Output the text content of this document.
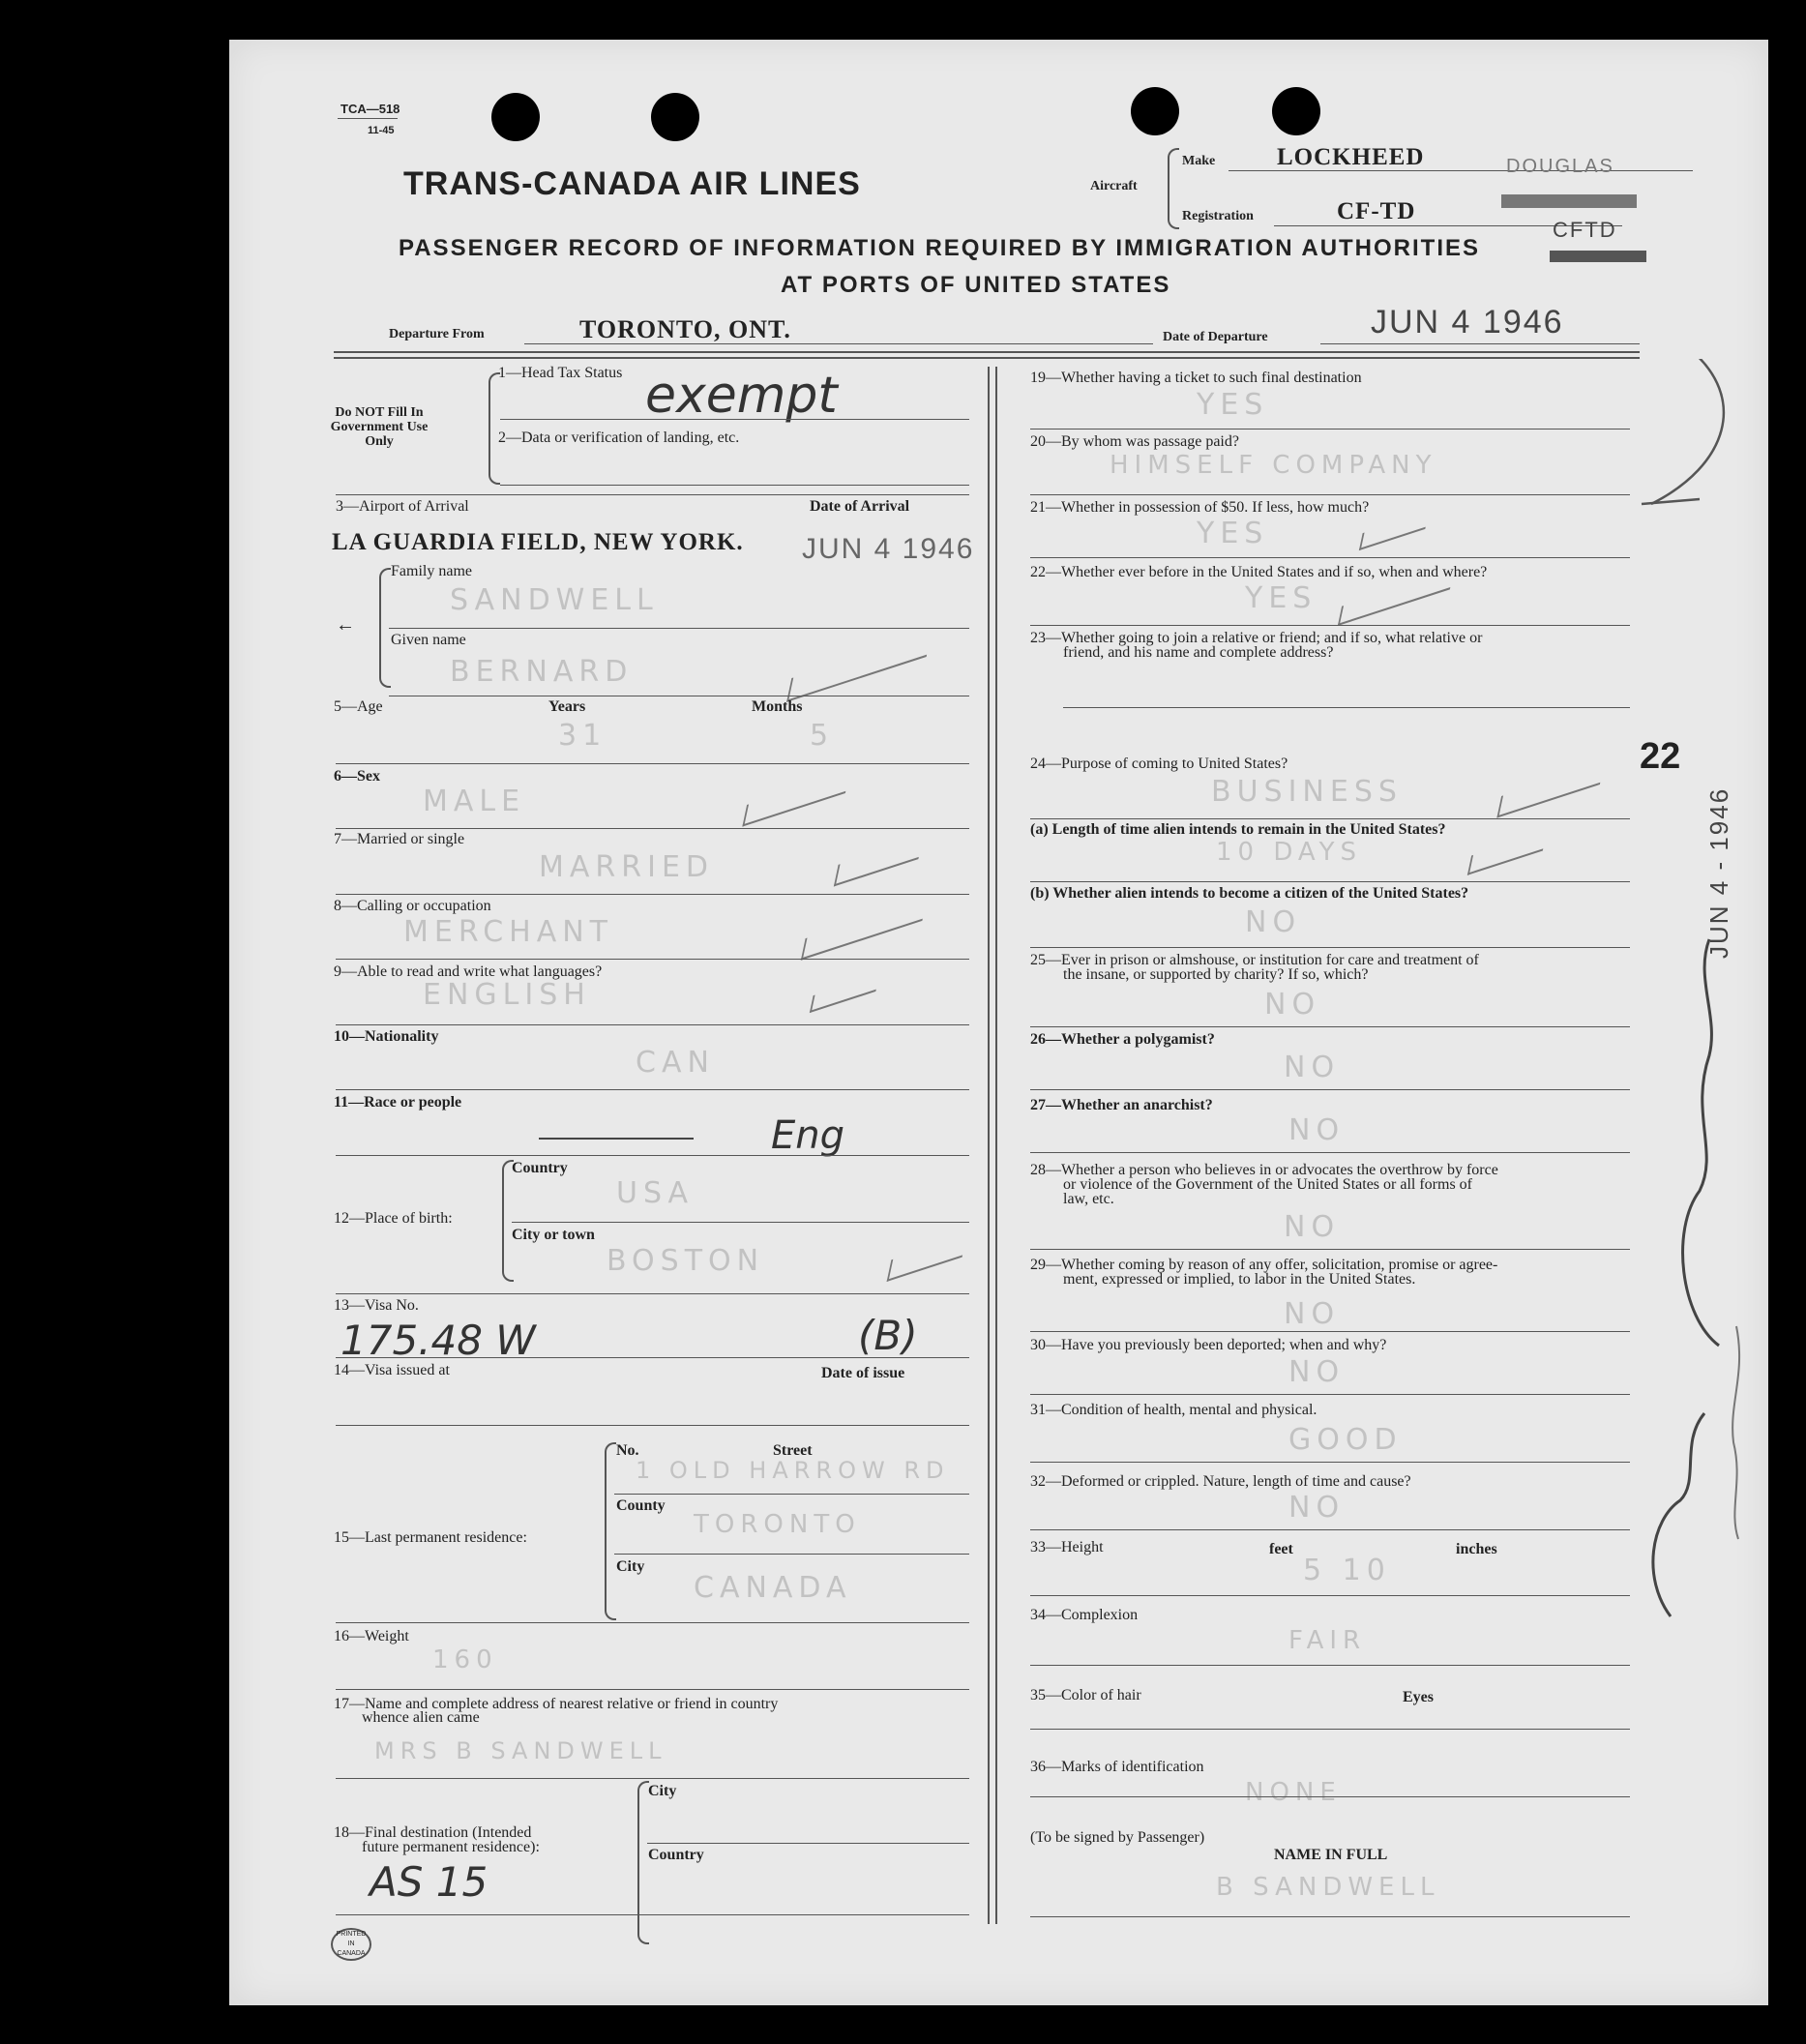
TCA—518
11-45
TRANS-CANADA AIR LINES	Aircraft
Make	LOCKHEED	DOUGLAS
Registration	CF-TD
CFTD
PASSENGER RECORD OF INFORMATION REQUIRED BY IMMIGRATION AUTHORITIES
AT PORTS OF UNITED STATES
Departure From	TORONTO, ONT.	Date of Departure	JUN 4 1946
Do NOT Fill In Government Use Only
1—Head Tax Status exempt
2—Data or verification of landing, etc.
3—Airport of Arrival	Date of Arrival
LA GUARDIA FIELD, NEW YORK. JUN 4 1946
←
Family name
SANDWELL
Given name
BERNARD
5—Age	Years	Months
31	5
6—Sex
MALE
7—Married or single
MARRIED
8—Calling or occupation
MERCHANT
9—Able to read and write what languages?
ENGLISH
10—Nationality
CAN
11—Race or people
Eng
12—Place of birth:
Country
USA
City or town
BOSTON
13—Visa No.
175.48 W	(B)
14—Visa issued at	Date of issue
15—Last permanent residence:
No.	Street
1 OLD HARROW RD
County
TORONTO
City
CANADA
16—Weight
160
17—Name and complete address of nearest relative or friend in country
whence alien came
MRS B SANDWELL
18—Final destination (Intended
future permanent residence):
City
Country
AS 15
PRINTED
IN
CANADA
19—Whether having a ticket to such final destination
YES
20—By whom was passage paid?
HIMSELF COMPANY
21—Whether in possession of $50. If less, how much?
YES
22—Whether ever before in the United States and if so, when and where?
YES
23—Whether going to join a relative or friend; and if so, what relative or
friend, and his name and complete address?
24—Purpose of coming to United States?	22
BUSINESS
(a) Length of time alien intends to remain in the United States?
10 DAYS
(b) Whether alien intends to become a citizen of the United States?
NO
25—Ever in prison or almshouse, or institution for care and treatment of
the insane, or supported by charity? If so, which?
NO
26—Whether a polygamist?
NO
27—Whether an anarchist?
NO
28—Whether a person who believes in or advocates the overthrow by force
or violence of the Government of the United States or all forms of
law, etc.
NO
29—Whether coming by reason of any offer, solicitation, promise or agree-
ment, expressed or implied, to labor in the United States.
NO
30—Have you previously been deported; when and why?
NO
31—Condition of health, mental and physical.
GOOD
32—Deformed or crippled. Nature, length of time and cause?
NO
33—Height	feet	inches
5 10
34—Complexion
FAIR
35—Color of hair	Eyes
36—Marks of identification
NONE
(To be signed by Passenger)
NAME IN FULL
B SANDWELL
JUN 4 - 1946
